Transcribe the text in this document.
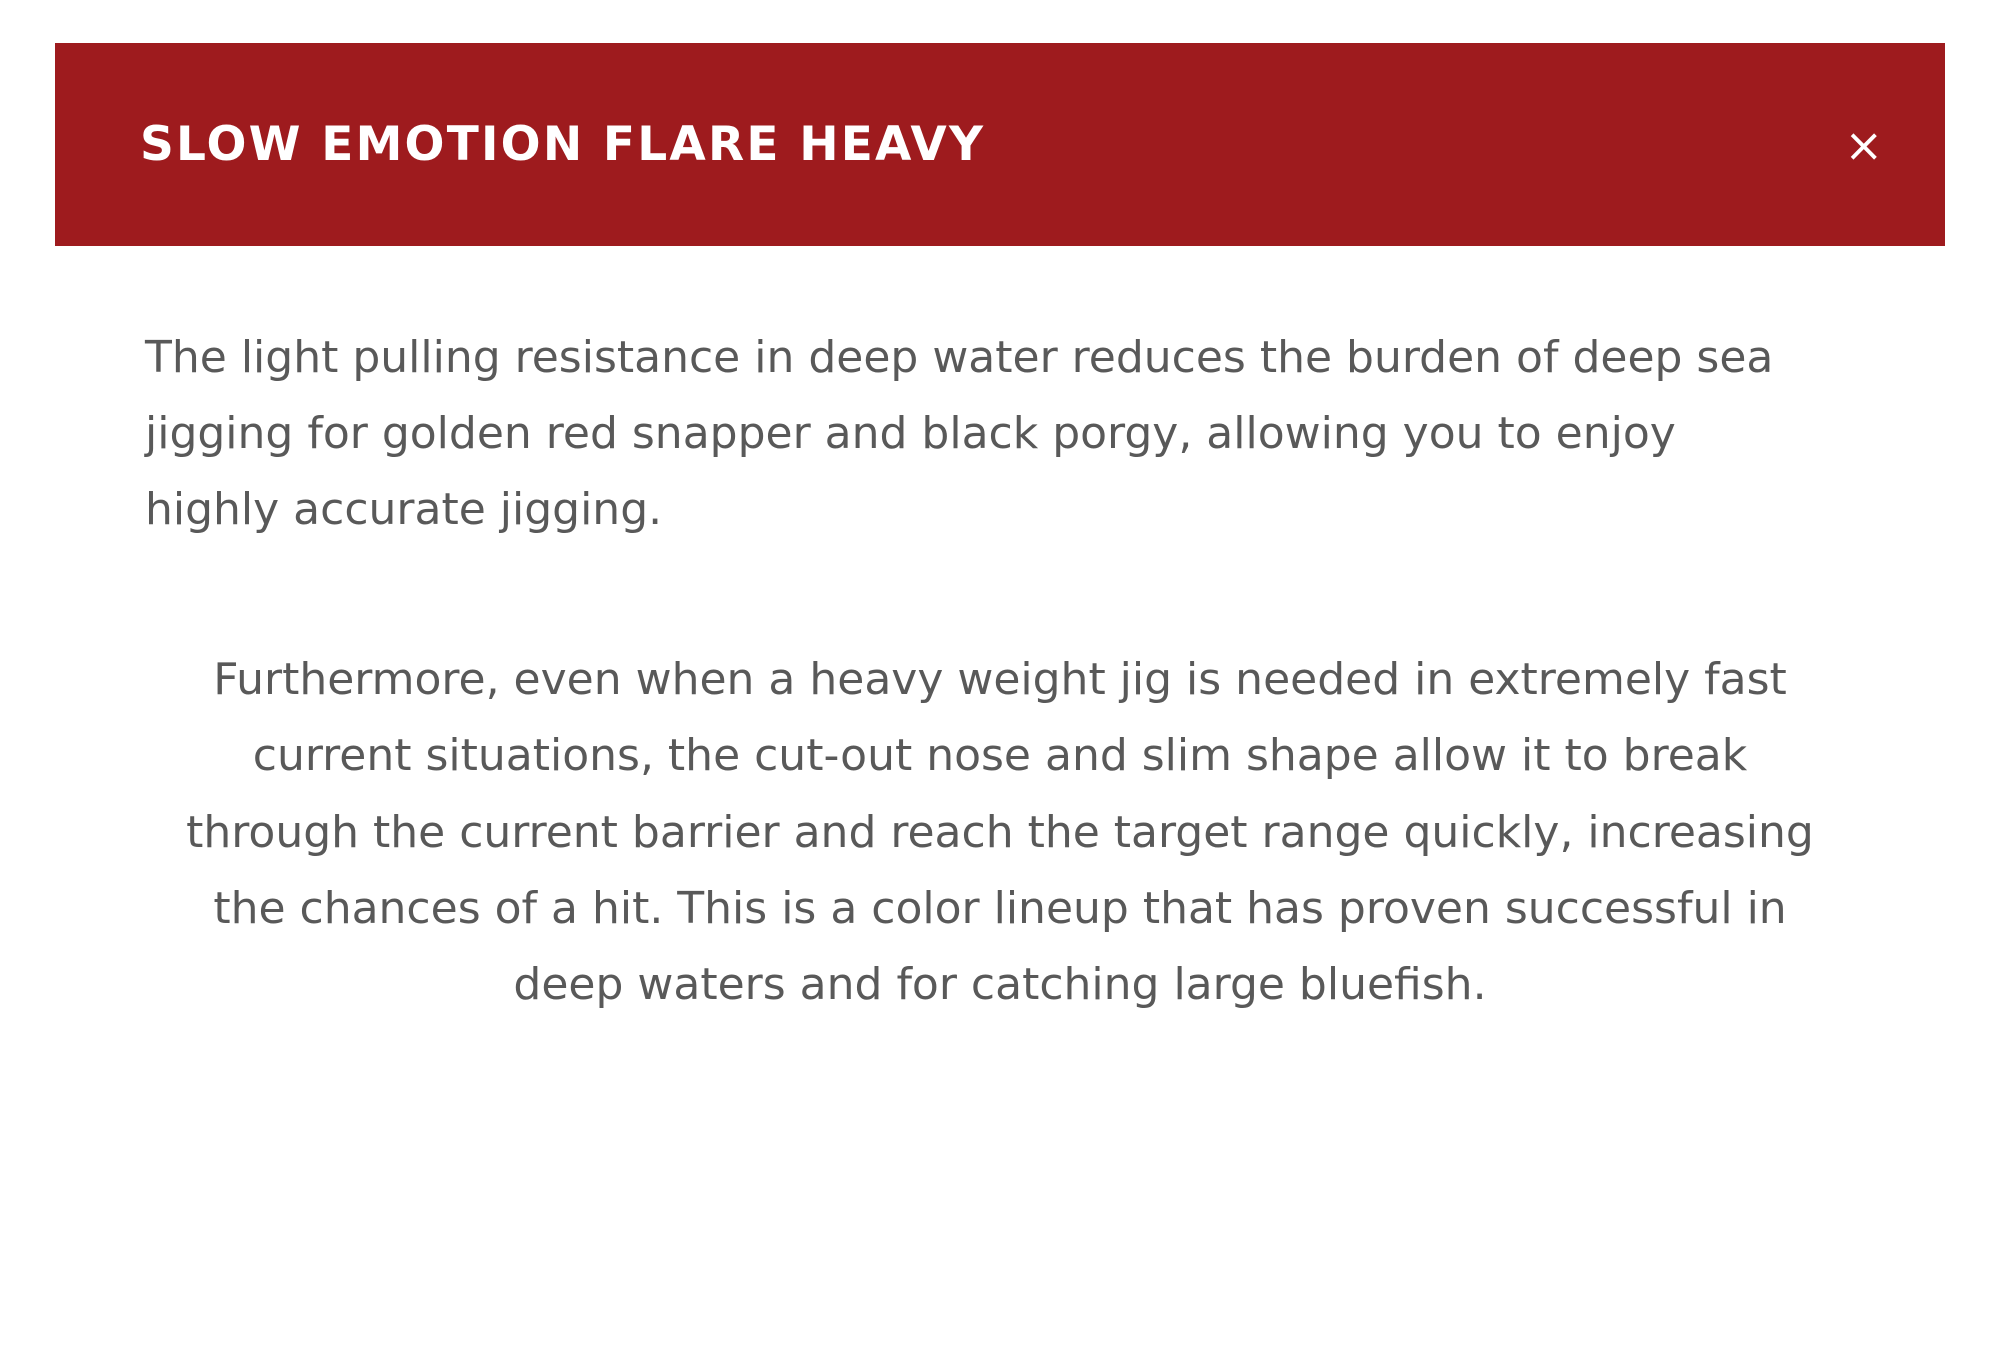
SLOW EMOTION FLARE HEAVY	×

The light pulling resistance in deep water reduces the burden of deep sea jigging for golden red snapper and black porgy, allowing you to enjoy highly accurate jigging.

Furthermore, even when a heavy weight jig is needed in extremely fast current situations, the cut-out nose and slim shape allow it to break through the current barrier and reach the target range quickly, increasing the chances of a hit. This is a color lineup that has proven successful in deep waters and for catching large bluefish.
